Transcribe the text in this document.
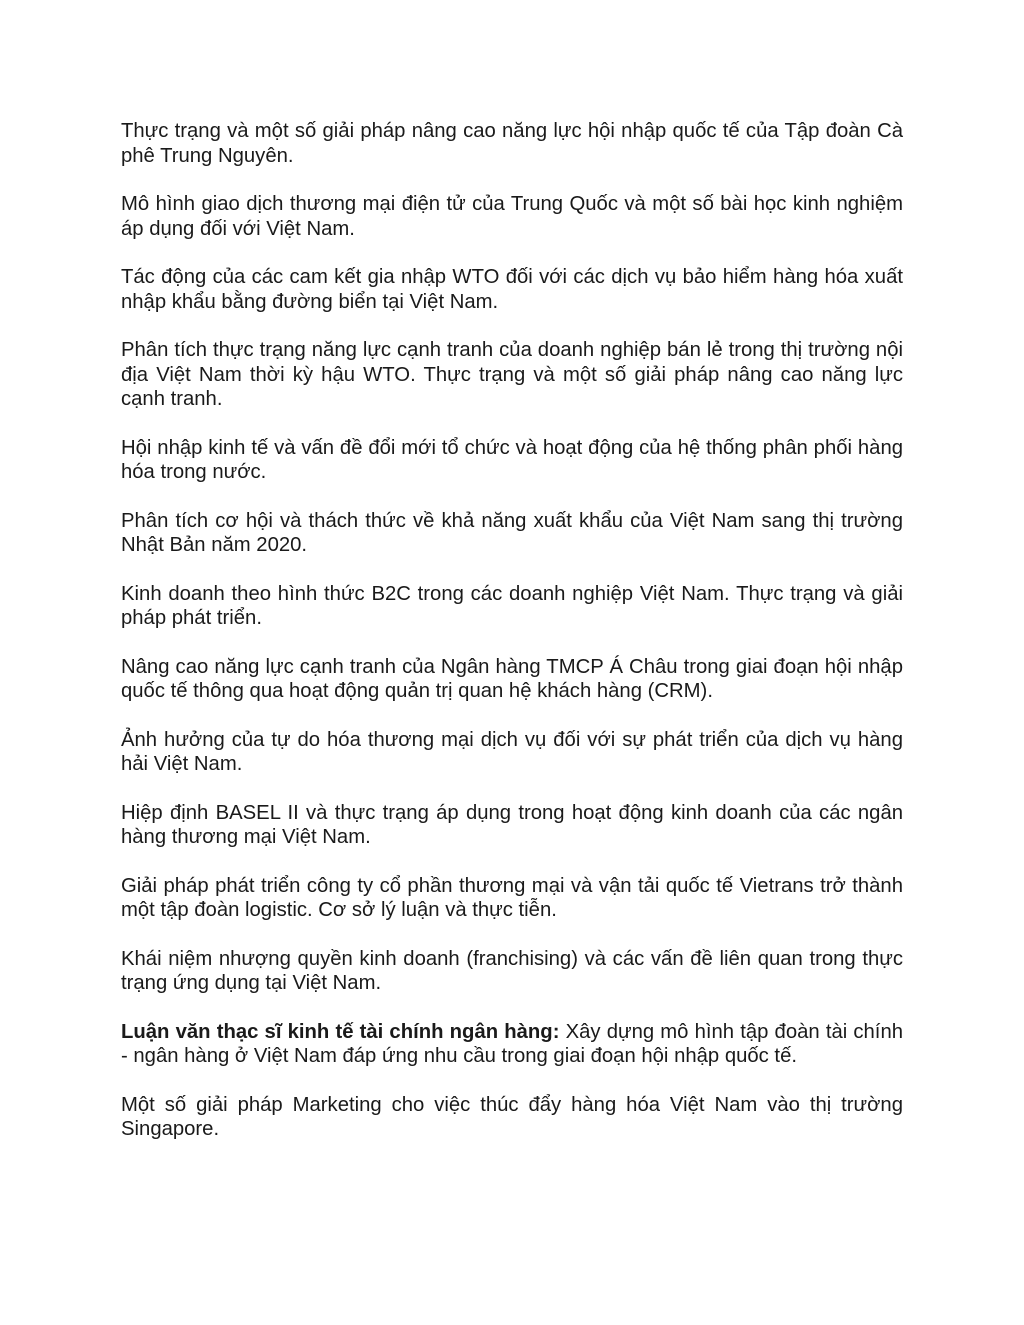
Thực trạng và một số giải pháp nâng cao năng lực hội nhập quốc tế của Tập đoàn Cà phê Trung Nguyên.

Mô hình giao dịch thương mại điện tử của Trung Quốc và một số bài học kinh nghiệm áp dụng đối với Việt Nam.

Tác động của các cam kết gia nhập WTO đối với các dịch vụ bảo hiểm hàng hóa xuất nhập khẩu bằng đường biển tại Việt Nam.

Phân tích thực trạng năng lực cạnh tranh của doanh nghiệp bán lẻ trong thị trường nội địa Việt Nam thời kỳ hậu WTO. Thực trạng và một số giải pháp nâng cao năng lực cạnh tranh.

Hội nhập kinh tế và vấn đề đổi mới tổ chức và hoạt động của hệ thống phân phối hàng hóa trong nước.

Phân tích cơ hội và thách thức về khả năng xuất khẩu của Việt Nam sang thị trường Nhật Bản năm 2020.

Kinh doanh theo hình thức B2C trong các doanh nghiệp Việt Nam. Thực trạng và giải pháp phát triển.

Nâng cao năng lực cạnh tranh của Ngân hàng TMCP Á Châu trong giai đoạn hội nhập quốc tế thông qua hoạt động quản trị quan hệ khách hàng (CRM).

Ảnh hưởng của tự do hóa thương mại dịch vụ đối với sự phát triển của dịch vụ hàng hải Việt Nam.

Hiệp định BASEL II và thực trạng áp dụng trong hoạt động kinh doanh của các ngân hàng thương mại Việt Nam.

Giải pháp phát triển công ty cổ phần thương mại và vận tải quốc tế Vietrans trở thành một tập đoàn logistic. Cơ sở lý luận và thực tiễn.

Khái niệm nhượng quyền kinh doanh (franchising) và các vấn đề liên quan trong thực trạng ứng dụng tại Việt Nam.

Luận văn thạc sĩ kinh tế tài chính ngân hàng: Xây dựng mô hình tập đoàn tài chính - ngân hàng ở Việt Nam đáp ứng nhu cầu trong giai đoạn hội nhập quốc tế.

Một số giải pháp Marketing cho việc thúc đẩy hàng hóa Việt Nam vào thị trường Singapore.
